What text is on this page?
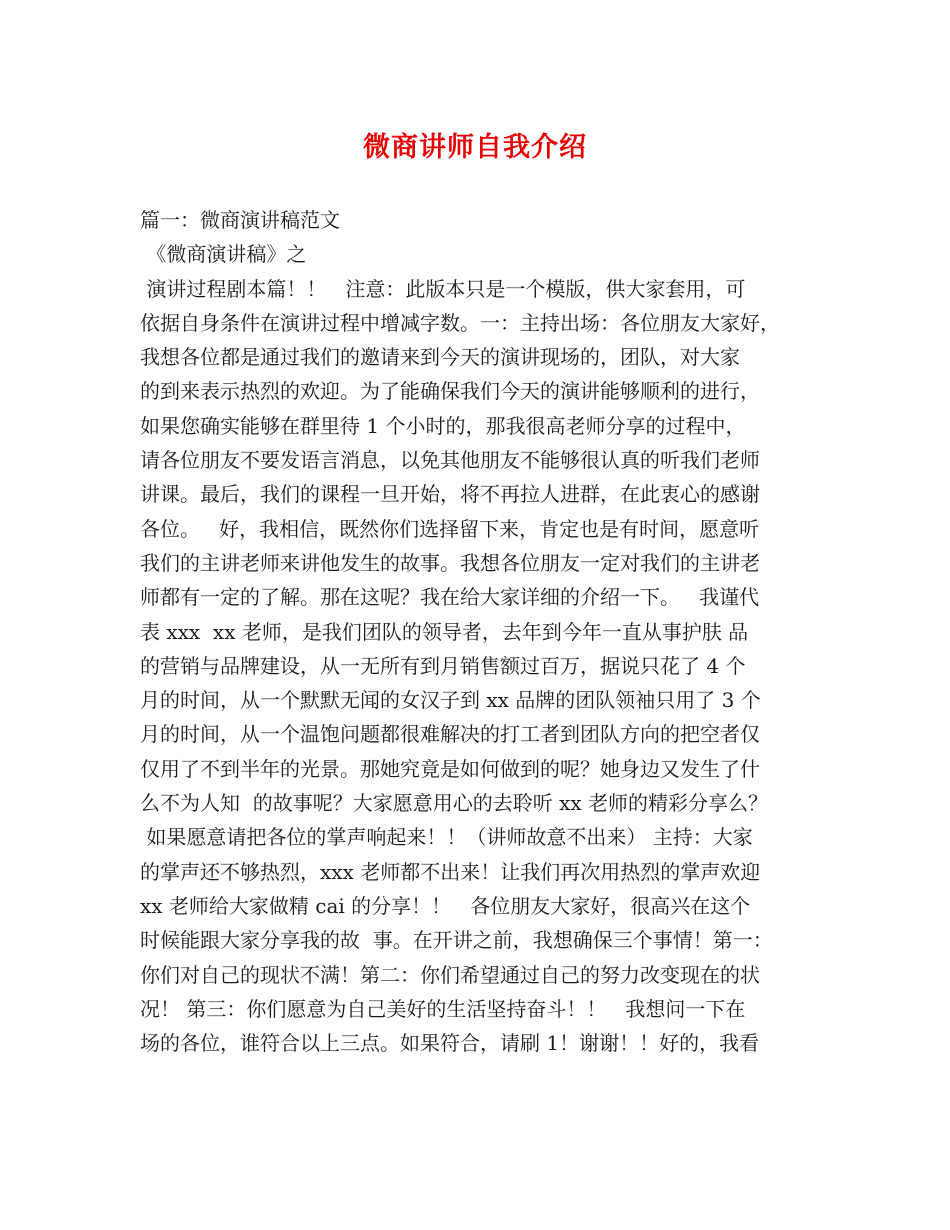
微商讲师自我介绍
篇一：微商演讲稿范文
《微商演讲稿》之
演讲过程剧本篇！！   注意：此版本只是一个模版，供大家套用，可
依据自身条件在演讲过程中增减字数。一：主持出场：各位朋友大家好，
我想各位都是通过我们的邀请来到今天的演讲现场的，团队，对大家
的到来表示热烈的欢迎。为了能确保我们今天的演讲能够顺利的进行，
如果您确实能够在群里待 1 个小时的，那我很高老师分享的过程中，
请各位朋友不要发语言消息，以免其他朋友不能够很认真的听我们老师
讲课。最后，我们的课程一旦开始，将不再拉人进群，在此衷心的感谢
各位。   好，我相信，既然你们选择留下来，肯定也是有时间，愿意听
我们的主讲老师来讲他发生的故事。我想各位朋友一定对我们的主讲老
师都有一定的了解。那在这呢？我在给大家详细的介绍一下。   我谨代
表 xxx  xx 老师，是我们团队的领导者，去年到今年一直从事护肤 品
的营销与品牌建设，从一无所有到月销售额过百万，据说只花了 4 个
月的时间，从一个默默无闻的女汉子到 xx 品牌的团队领袖只用了 3 个
月的时间，从一个温饱问题都很难解决的打工者到团队方向的把空者仅
仅用了不到半年的光景。那她究竟是如何做到的呢？她身边又发生了什
么不为人知  的故事呢？大家愿意用心的去聆听 xx 老师的精彩分享么？
如果愿意请把各位的掌声响起来！！（讲师故意不出来） 主持：大家
的掌声还不够热烈，xxx 老师都不出来！让我们再次用热烈的掌声欢迎
xx 老师给大家做精 cai 的分享！！   各位朋友大家好，很高兴在这个
时候能跟大家分享我的故  事。在开讲之前，我想确保三个事情！第一：
你们对自己的现状不满！第二：你们希望通过自己的努力改变现在的状
况！ 第三：你们愿意为自己美好的生活坚持奋斗！！   我想问一下在
场的各位，谁符合以上三点。如果符合，请刷 1！谢谢！！好的，我看
